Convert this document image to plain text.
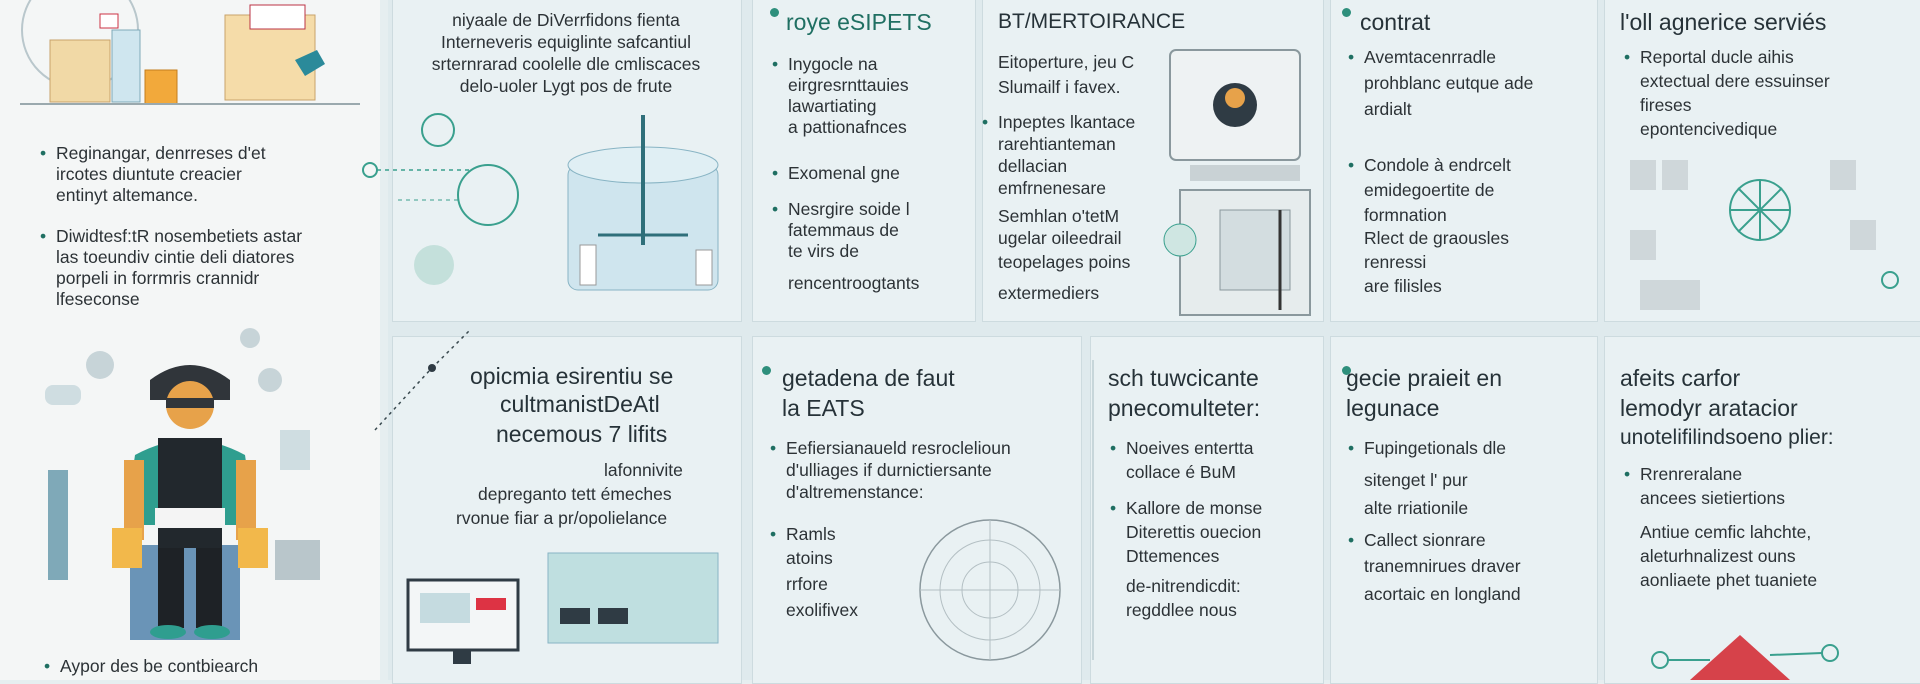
• Reginangar, denrreses d'et
ircotes diuntute creacier
entinyt altemance.
• Diwidtesf:tR nosembetiets astar
las toeundiv cintie deli diatores
porpeli in forrmris crannidr
lfeseconse
• Aypor des be contbiearch
niyaale de DiVerrfidons fienta
Interneveris equiglinte safcantiul
srternrarad coolelle dle cmliscaces
delo-uoler Lygt pos de frute
roye eSIPETS
• Inygocle na
eirgresrnttauies
lawartiating
a pattionafnces
• Exomenal gne
• Nesrgire soide l
fatemmaus de
te virs de
rencentroogtants
BT/MERTOIRANCE
Eitoperture, jeu C
Slumailf i favex.
• Inpeptes lkantace
rarehtianteman
dellacian
emfrnenesare
Semhlan o'tetM
ugelar oileedrail
teopelages poins
extermediers
contrat
• Avemtacenrradle
prohblanc eutque ade
ardialt
• Condole à endrcelt
emidegoertite de
formnation
Rlect de graousles
renressi
are filisles
l'oll agnerice serviés
• Reportal ducle aihis
extectual dere essuinser
fireses
epontencivedique
opicmia esirentiu se
cultmanistDeAtl
necemous 7 lifits
lafonnivite
depreganto tett émeches
rvonue fiar a pr/opolielance
getadena de faut
la EATS
• Eefiersianaueld resroclelioun
d'ulliages if durnictiersante
d'altremenstance:
• Ramls
atoins
rrfore
exolifivex
sch tuwcicante
pnecomulteter:
• Noeives entertta
collace é BuM
• Kallore de monse
Diterettis ouecion
Dttemences
de-nitrendicdit:
regddlee nous
gecie praieit en
legunace
• Fupingetionals dle
sitenget l' pur
alte rriationile
• Callect sionrare
tranemnirues draver
acortaic en longland
afeits carfor
lemodyr aratacior
unotelifilindsoeno plier:
• Rrenreralane
ancees sietiertions
Antiue cemfic lahchte,
aleturhnalizest ouns
aonliaete phet tuaniete
